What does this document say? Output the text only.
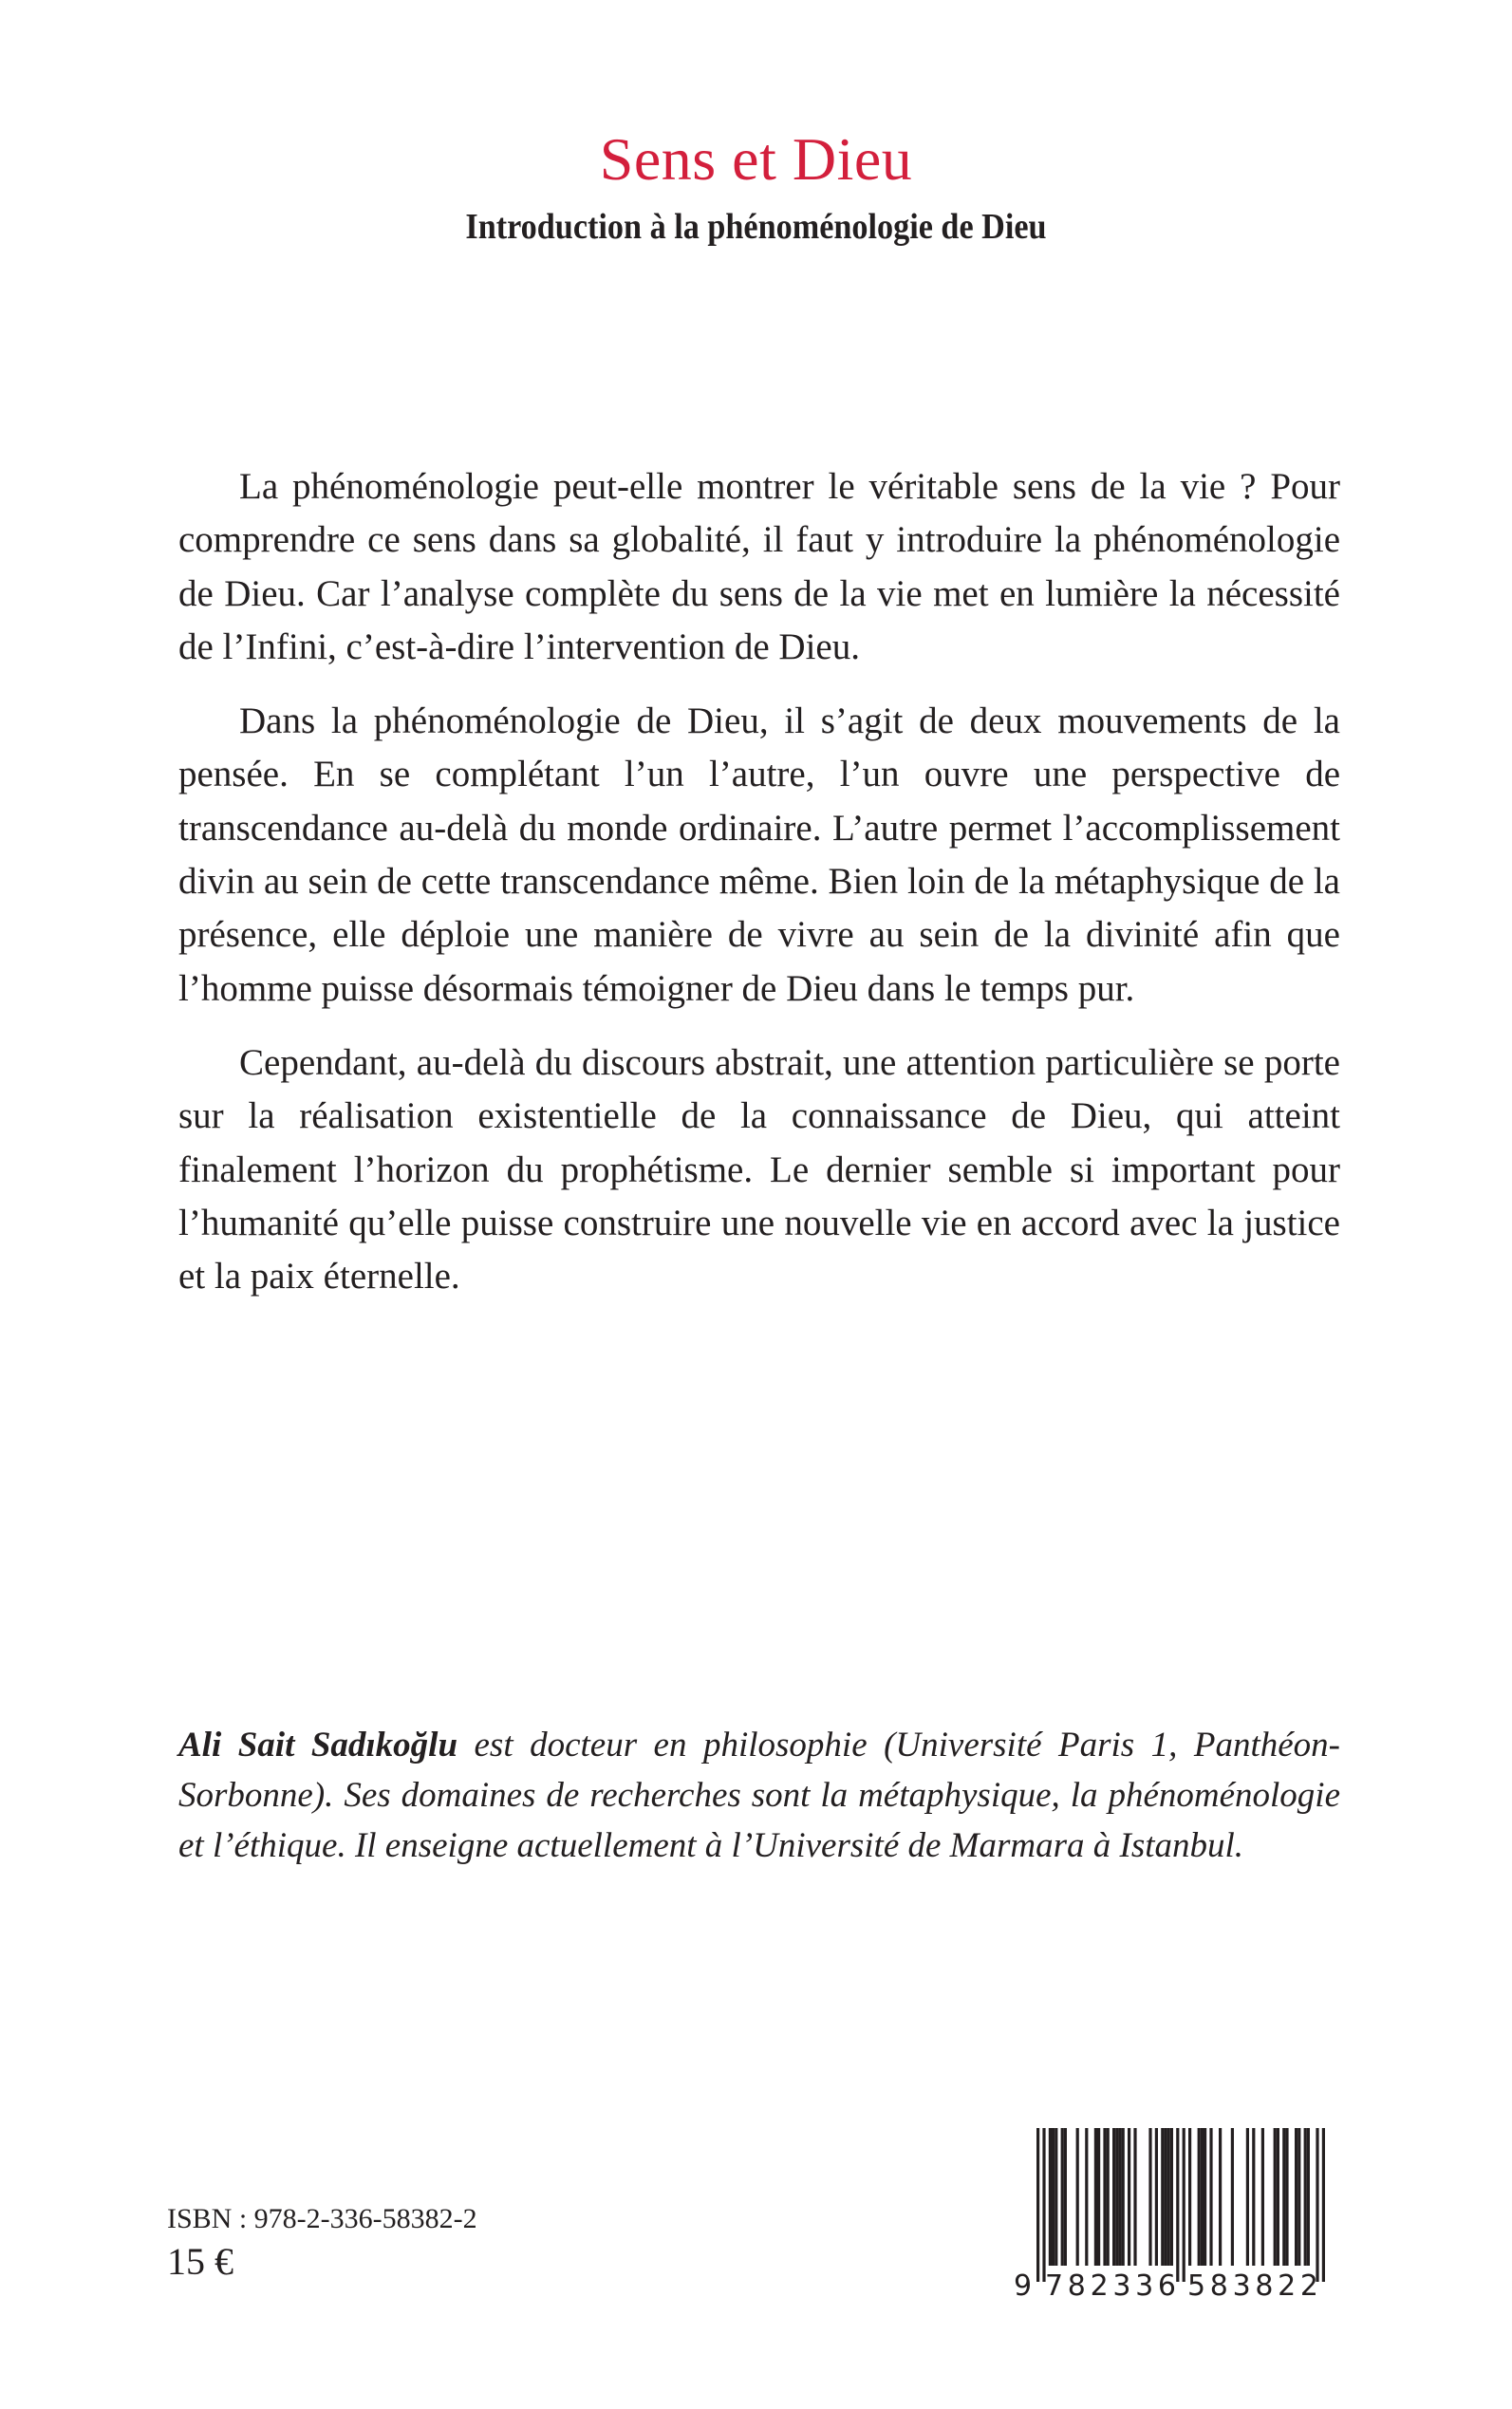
Sens et Dieu
Introduction à la phénoménologie de Dieu

La phénoménologie peut-elle montrer le véritable sens de la vie ? Pour comprendre ce sens dans sa globalité, il faut y introduire la phénoménologie de Dieu. Car l’analyse complète du sens de la vie met en lumière la nécessité de l’Infini, c’est-à-dire l’intervention de Dieu.

Dans la phénoménologie de Dieu, il s’agit de deux mouvements de la pensée. En se complétant l’un l’autre, l’un ouvre une perspective de transcendance au-delà du monde ordinaire. L’autre permet l’accomplissement divin au sein de cette transcendance même. Bien loin de la métaphysique de la présence, elle déploie une manière de vivre au sein de la divinité afin que l’homme puisse désormais témoigner de Dieu dans le temps pur.

Cependant, au-delà du discours abstrait, une attention particulière se porte sur la réalisation existentielle de la connaissance de Dieu, qui atteint finalement l’horizon du prophétisme. Le dernier semble si important pour l’humanité qu’elle puisse construire une nouvelle vie en accord avec la justice et la paix éternelle.

Ali Sait Sadıkoğlu est docteur en philosophie (Université Paris 1, Panthéon-Sorbonne). Ses domaines de recherches sont la métaphysique, la phénoménologie et l’éthique. Il enseigne actuellement à l’Université de Marmara à Istanbul.

ISBN : 978-2-336-58382-2

15 €

9 782336 583822
